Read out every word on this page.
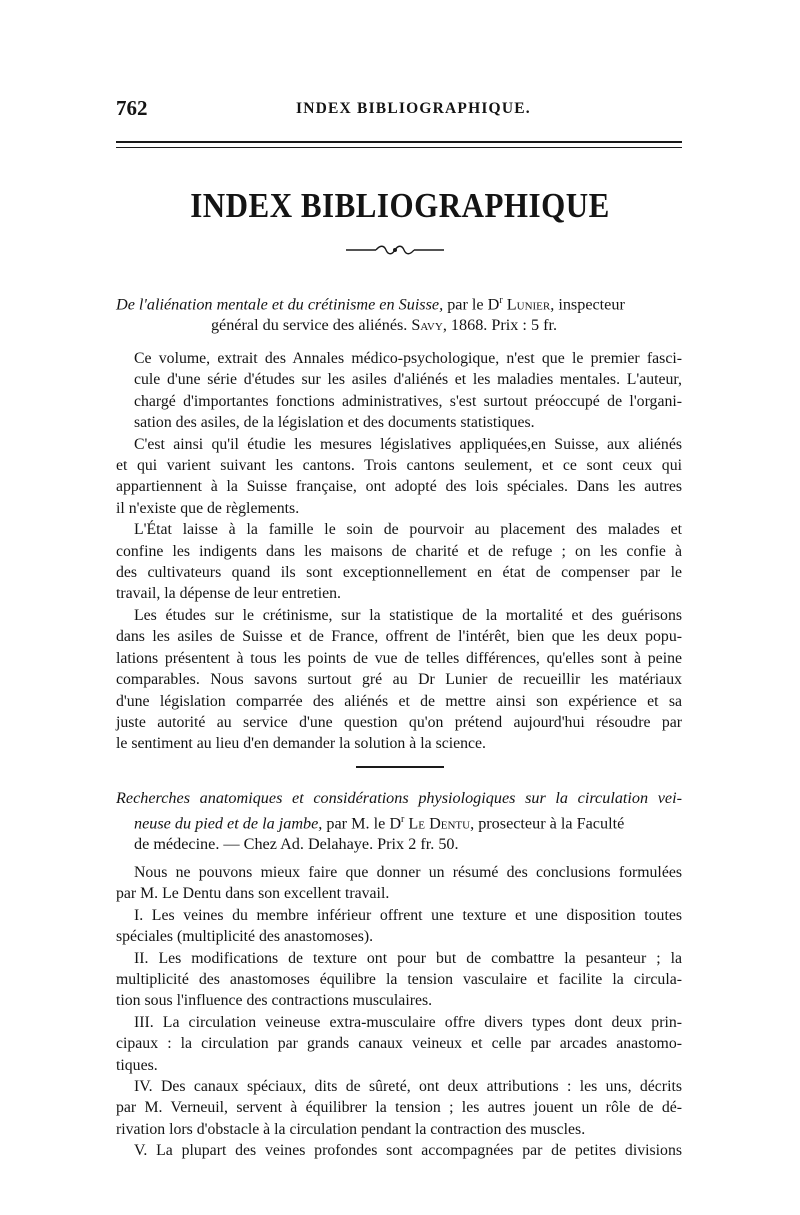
762	INDEX BIBLIOGRAPHIQUE.
INDEX BIBLIOGRAPHIQUE
De l'aliénation mentale et du crétinisme en Suisse, par le $D^r$ Lunier, inspecteur
général du service des aliénés. Savy, 1868. Prix : 5 fr.

Ce volume, extrait des Annales médico-psychologique, n'est que le premier fasci-
cule d'une série d'études sur les asiles d'aliénés et les maladies mentales. L'auteur,
chargé d'importantes fonctions administratives, s'est surtout préoccupé de l'organi-
sation des asiles, de la législation et des documents statistiques.

C'est ainsi qu'il étudie les mesures législatives appliquées,en Suisse, aux aliénés
et qui varient suivant les cantons. Trois cantons seulement, et ce sont ceux qui
appartiennent à la Suisse française, ont adopté des lois spéciales. Dans les autres
il n'existe que de règlements.

L'État laisse à la famille le soin de pourvoir au placement des malades et
confine les indigents dans les maisons de charité et de refuge ; on les confie à
des cultivateurs quand ils sont exceptionnellement en état de compenser par le
travail, la dépense de leur entretien.

Les études sur le crétinisme, sur la statistique de la mortalité et des guérisons
dans les asiles de Suisse et de France, offrent de l'intérêt, bien que les deux popu-
lations présentent à tous les points de vue de telles différences, qu'elles sont à peine
comparables. Nous savons surtout gré au Dr Lunier de recueillir les matériaux
d'une législation comparrée des aliénés et de mettre ainsi son expérience et sa
juste autorité au service d'une question qu'on prétend aujourd'hui résoudre par
le sentiment au lieu d'en demander la solution à la science.

Recherches anatomiques et considérations physiologiques sur la circulation vei-
neuse du pied et de la jambe, par M. le $D^r$ Le Dentu, prosecteur à la Faculté
de médecine. — Chez Ad. Delahaye. Prix 2 fr. 50.

Nous ne pouvons mieux faire que donner un résumé des conclusions formulées
par M. Le Dentu dans son excellent travail.

I. Les veines du membre inférieur offrent une texture et une disposition toutes
spéciales (multiplicité des anastomoses).

II. Les modifications de texture ont pour but de combattre la pesanteur ; la
multiplicité des anastomoses équilibre la tension vasculaire et facilite la circula-
tion sous l'influence des contractions musculaires.

III. La circulation veineuse extra-musculaire offre divers types dont deux prin-
cipaux : la circulation par grands canaux veineux et celle par arcades anastomo-
tiques.

IV. Des canaux spéciaux, dits de sûreté, ont deux attributions : les uns, décrits
par M. Verneuil, servent à équilibrer la tension ; les autres jouent un rôle de dé-
rivation lors d'obstacle à la circulation pendant la contraction des muscles.

V. La plupart des veines profondes sont accompagnées par de petites divisions
